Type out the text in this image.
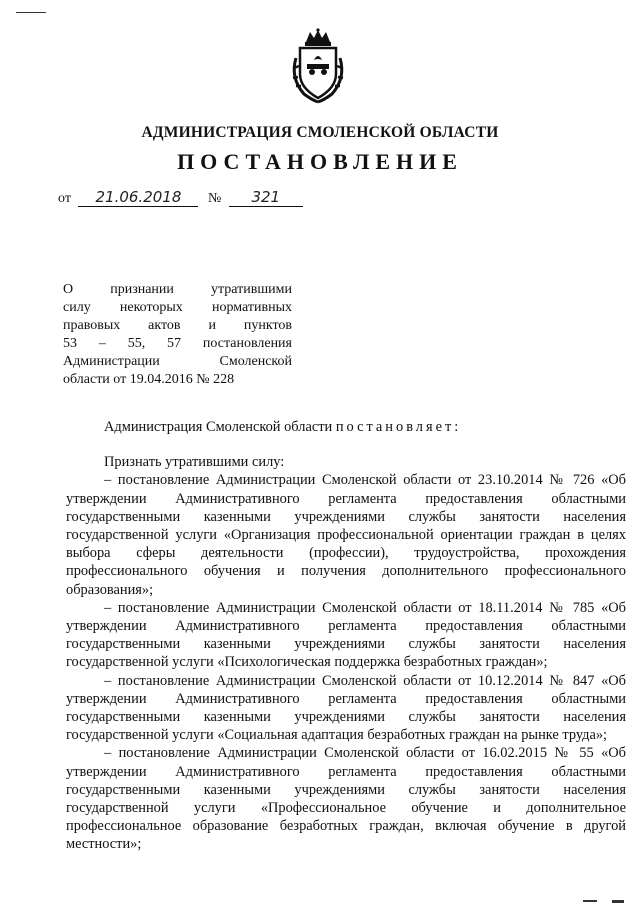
АДМИНИСТРАЦИЯ СМОЛЕНСКОЙ ОБЛАСТИ
ПОСТАНОВЛЕНИЕ
от 21.06.2018 № 321
О признании утратившими
силу некоторых нормативных
правовых актов и пунктов
53 – 55, 57 постановления
Администрации Смоленской
области от 19.04.2016 № 228

Администрация Смоленской области постановляет:

Признать утратившими силу:

– постановление Администрации Смоленской области от 23.10.2014 № 726 «Об утверждении Административного регламента предоставления областными государственными казенными учреждениями службы занятости населения государственной услуги «Организация профессиональной ориентации граждан в целях выбора сферы деятельности (профессии), трудоустройства, прохождения профессионального обучения и получения дополнительного профессионального образования»;

– постановление Администрации Смоленской области от 18.11.2014 № 785 «Об утверждении Административного регламента предоставления областными государственными казенными учреждениями службы занятости населения государственной услуги «Психологическая поддержка безработных граждан»;

– постановление Администрации Смоленской области от 10.12.2014 № 847 «Об утверждении Административного регламента предоставления областными государственными казенными учреждениями службы занятости населения государственной услуги «Социальная адаптация безработных граждан на рынке труда»;

– постановление Администрации Смоленской области от 16.02.2015 № 55 «Об утверждении Административного регламента предоставления областными государственными казенными учреждениями службы занятости населения государственной услуги «Профессиональное обучение и дополнительное профессиональное образование безработных граждан, включая обучение в другой местности»;
